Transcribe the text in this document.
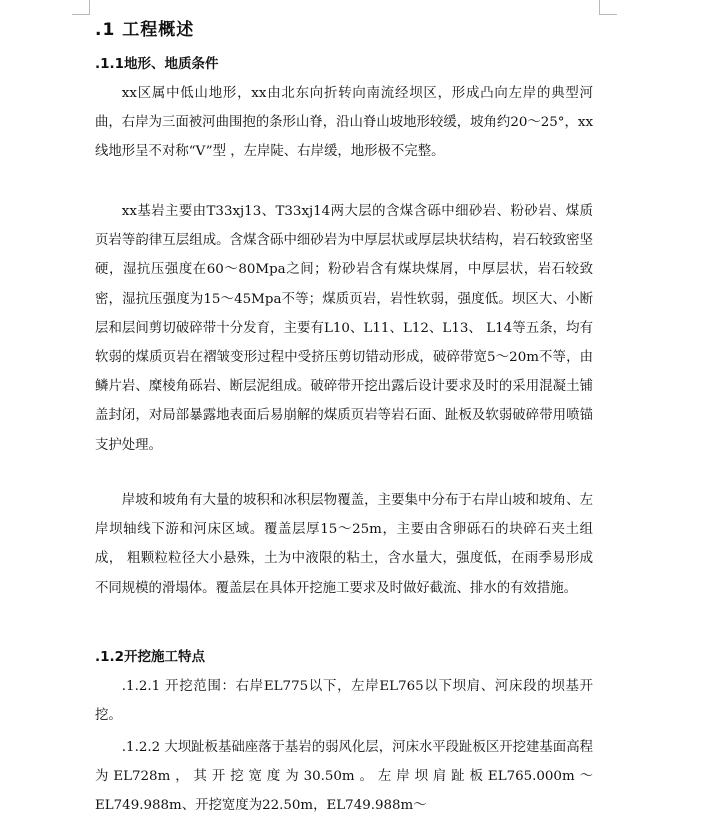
.1 工程概述
.1.1地形、地质条件
xx区属中低山地形，xx由北东向折转向南流经坝区，形成凸向左岸的典型河曲，右岸为三面被河曲围抱的条形山脊，沿山脊山坡地形较缓，坡角约20～25°，xx线地形呈不对称“V”型 ，左岸陡、右岸缓，地形极不完整。
xx基岩主要由T33xj13、T33xj14两大层的含煤含砾中细砂岩、粉砂岩、煤质页岩等韵律互层组成。含煤含砾中细砂岩为中厚层状或厚层块状结构，岩石较致密坚硬，湿抗压强度在60～80Mpa之间；粉砂岩含有煤块煤屑，中厚层状，岩石较致密，湿抗压强度为15～45Mpa不等；煤质页岩，岩性软弱，强度低。坝区大、小断层和层间剪切破碎带十分发育，主要有L10、L11、L12、L13、 L14等五条，均有软弱的煤质页岩在褶皱变形过程中受挤压剪切错动形成，破碎带宽5～20m不等，由鳞片岩、糜棱角砾岩、断层泥组成。破碎带开挖出露后设计要求及时的采用混凝土铺盖封闭，对局部暴露地表面后易崩解的煤质页岩等岩石面、趾板及软弱破碎带用喷锚支护处理。
岸坡和坡角有大量的坡积和冰积层物覆盖，主要集中分布于右岸山坡和坡角、左岸坝轴线下游和河床区域。覆盖层厚15～25m，主要由含卵砾石的块碎石夹土组成， 粗颗粒粒径大小悬殊，土为中液限的粘土，含水量大，强度低，在雨季易形成不同规模的滑塌体。覆盖层在具体开挖施工要求及时做好截流、排水的有效措施。
.1.2开挖施工特点
.1.2.1 开挖范围：右岸EL775以下，左岸EL765以下坝肩、河床段的坝基开挖。
.1.2.2 大坝趾板基础座落于基岩的弱风化层，河床水平段趾板区开挖建基面高程为EL728m，其开挖宽度为30.50m。左岸坝肩趾板EL765.000m～EL749.988m、开挖宽度为22.50m，EL749.988m～
